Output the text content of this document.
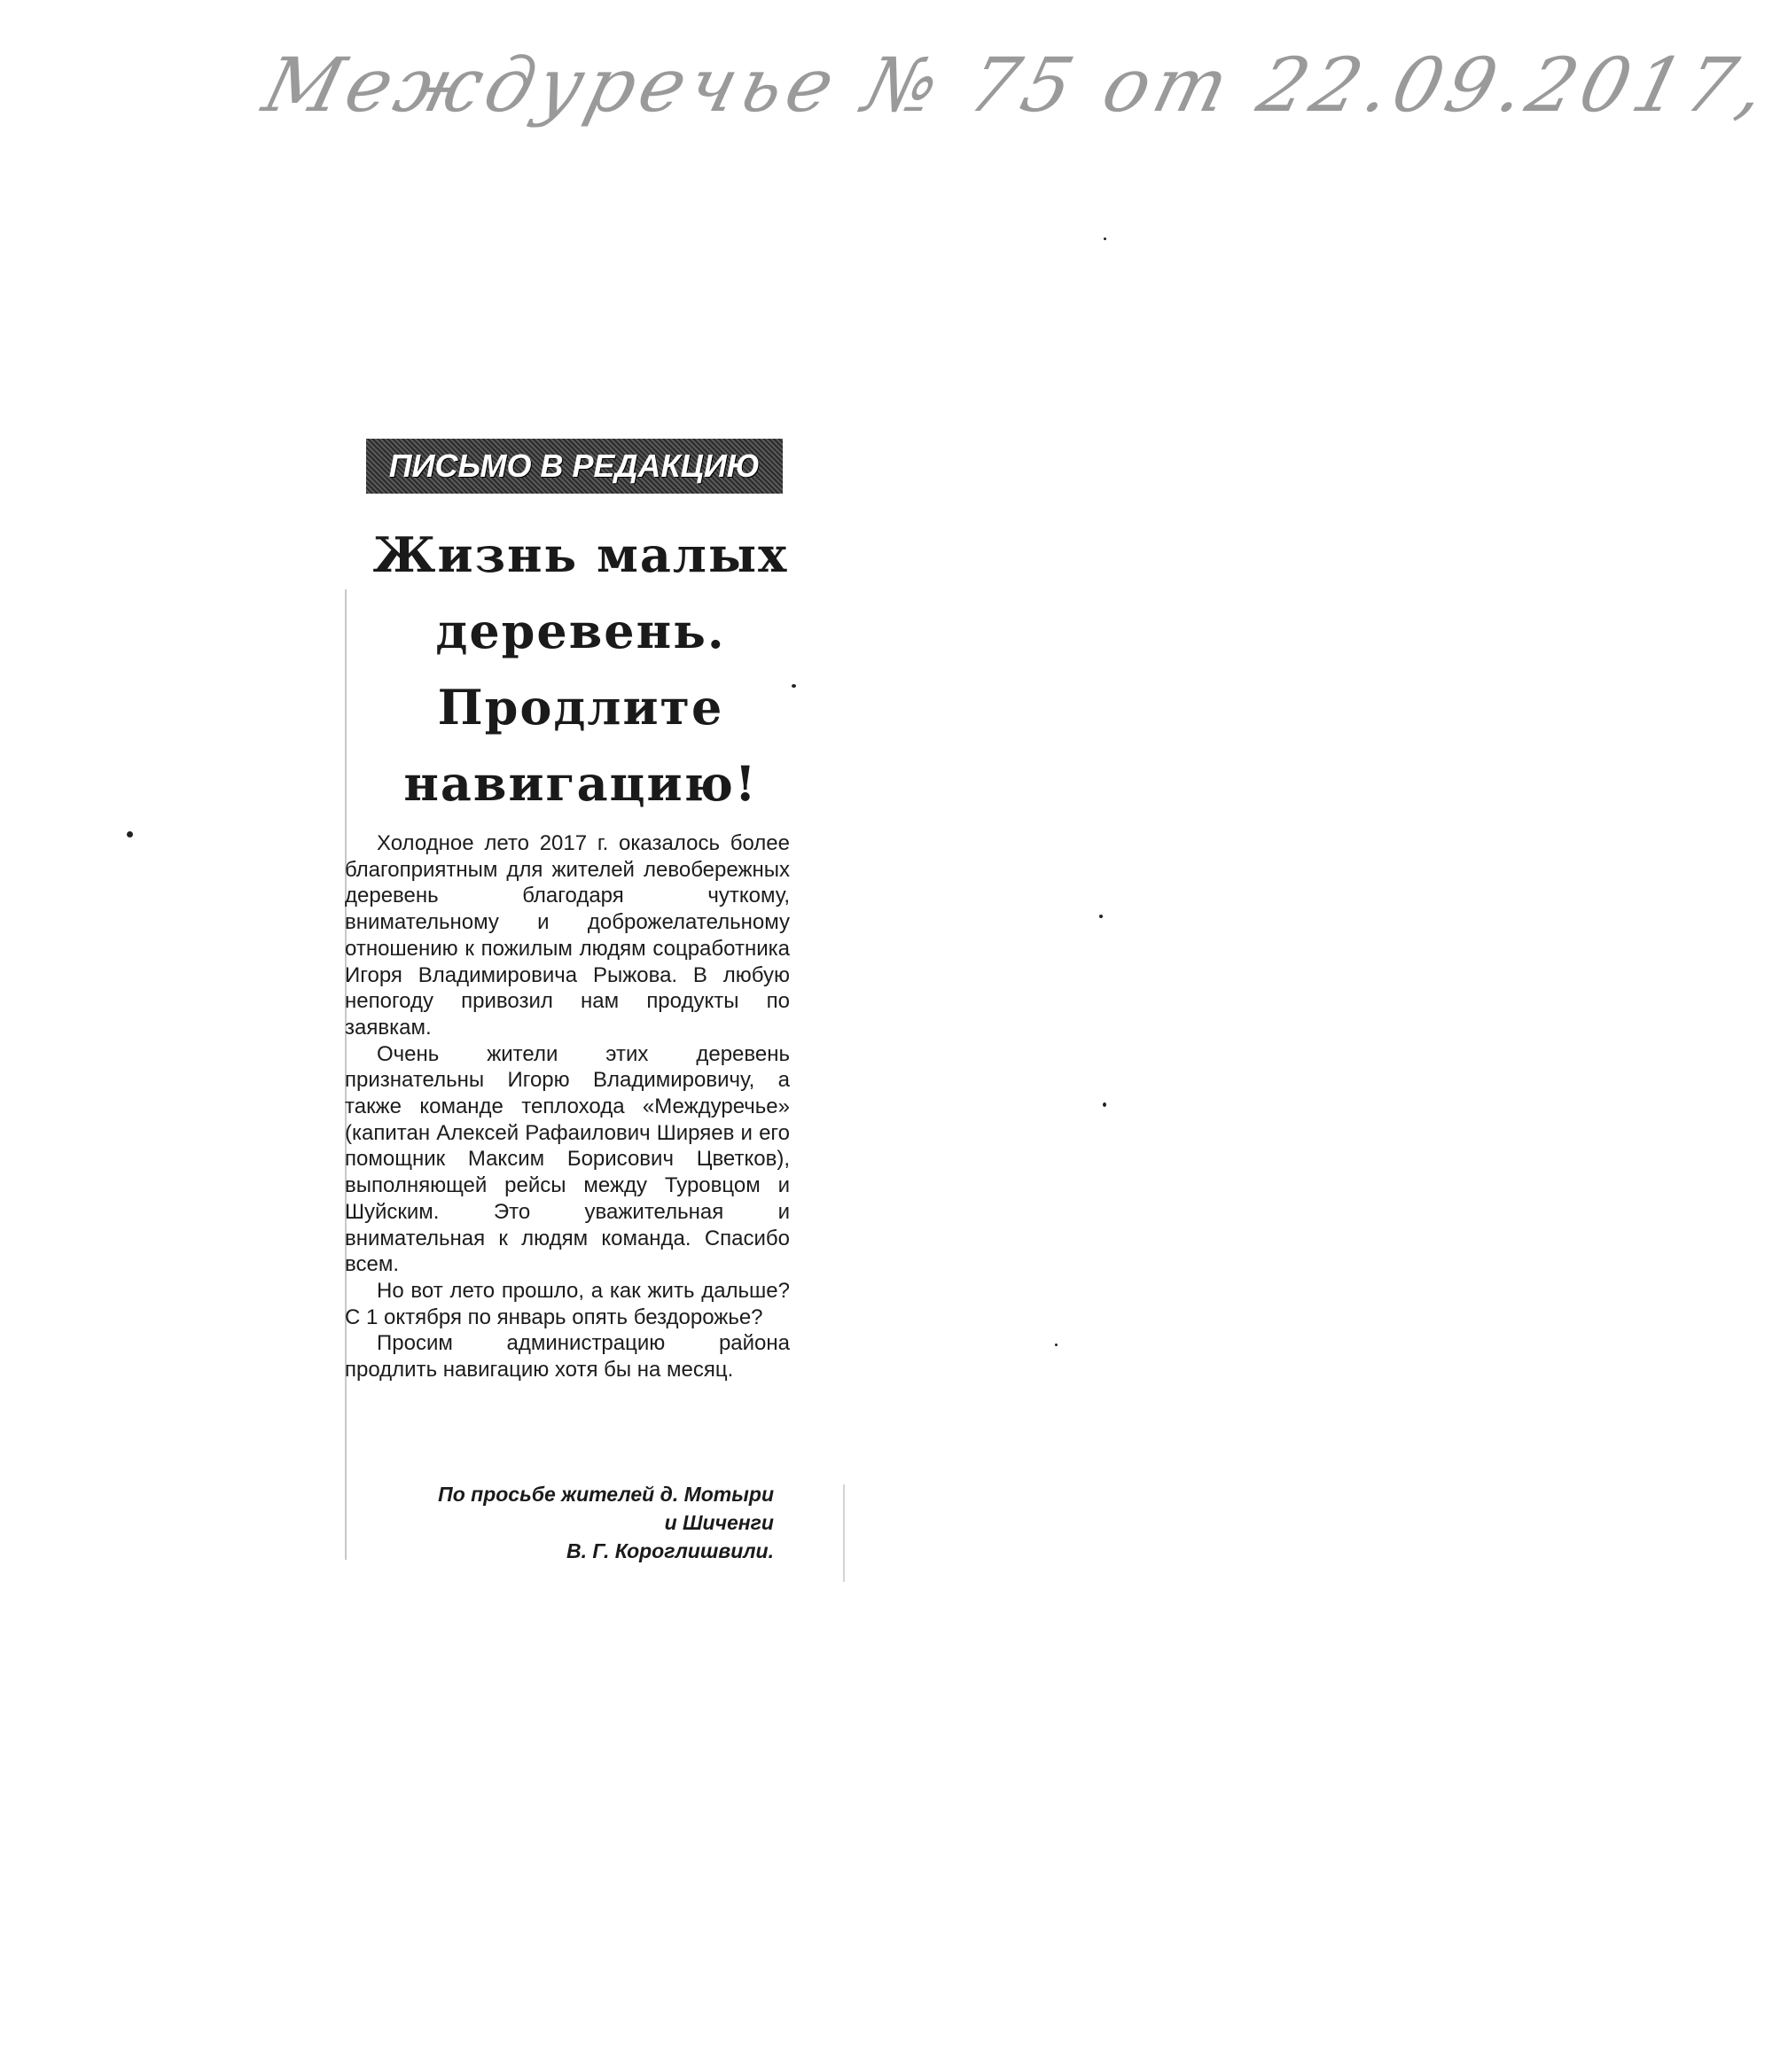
Междуречье № 75 от 22.09.2017,
ПИСЬМО В РЕДАКЦИЮ
Жизнь малых
деревень.
Продлите
навигацию!

Холодное лето 2017 г. оказалось более благоприятным для жителей левобережных деревень благодаря чуткому, внимательному и доброжелательному отношению к пожилым людям соцработника Игоря Владимировича Рыжова. В любую непогоду привозил нам продукты по заявкам.

Очень жители этих деревень признательны Игорю Владимировичу, а также команде теплохода «Междуречье» (капитан Алексей Рафаилович Ширяев и его помощник Максим Борисович Цветков), выполняющей рейсы между Туровцом и Шуйским. Это уважительная и внимательная к людям команда. Спасибо всем.

Но вот лето прошло, а как жить дальше? С 1 октября по январь опять бездорожье?

Просим администрацию района продлить навигацию хотя бы на месяц.

По просьбе жителей д. Мотыри
и Шиченги
В. Г. Короглишвили.
